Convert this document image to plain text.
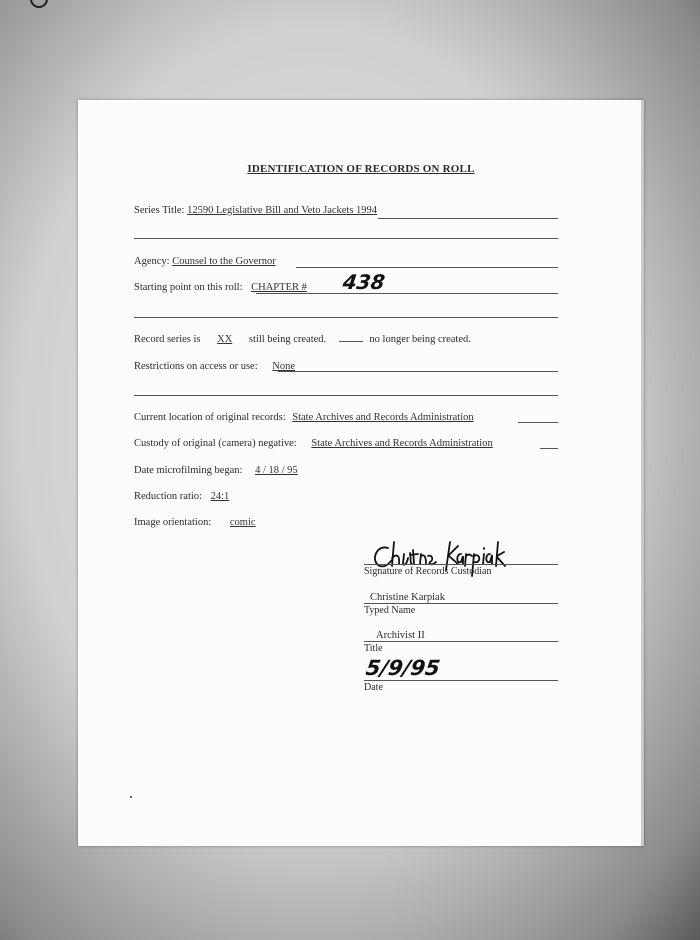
IDENTIFICATION OF RECORDS ON ROLL
Series Title: 12590 Legislative Bill and Veto Jackets 1994
Agency: Counsel to the Governor
Starting point on this roll: CHAPTER # 438
Record series is XX still being created.	no longer being created.
Restrictions on access or use: None
Current location of original records: State Archives and Records Administration
Custody of original (camera) negative: State Archives and Records Administration
Date microfilming began: 4 / 18 / 95
Reduction ratio: 24:1
Image orientation: comic
Signature of Records Custodian
Christine Karpiak
Typed Name
Archivist II
Title
5/9/95
Date
